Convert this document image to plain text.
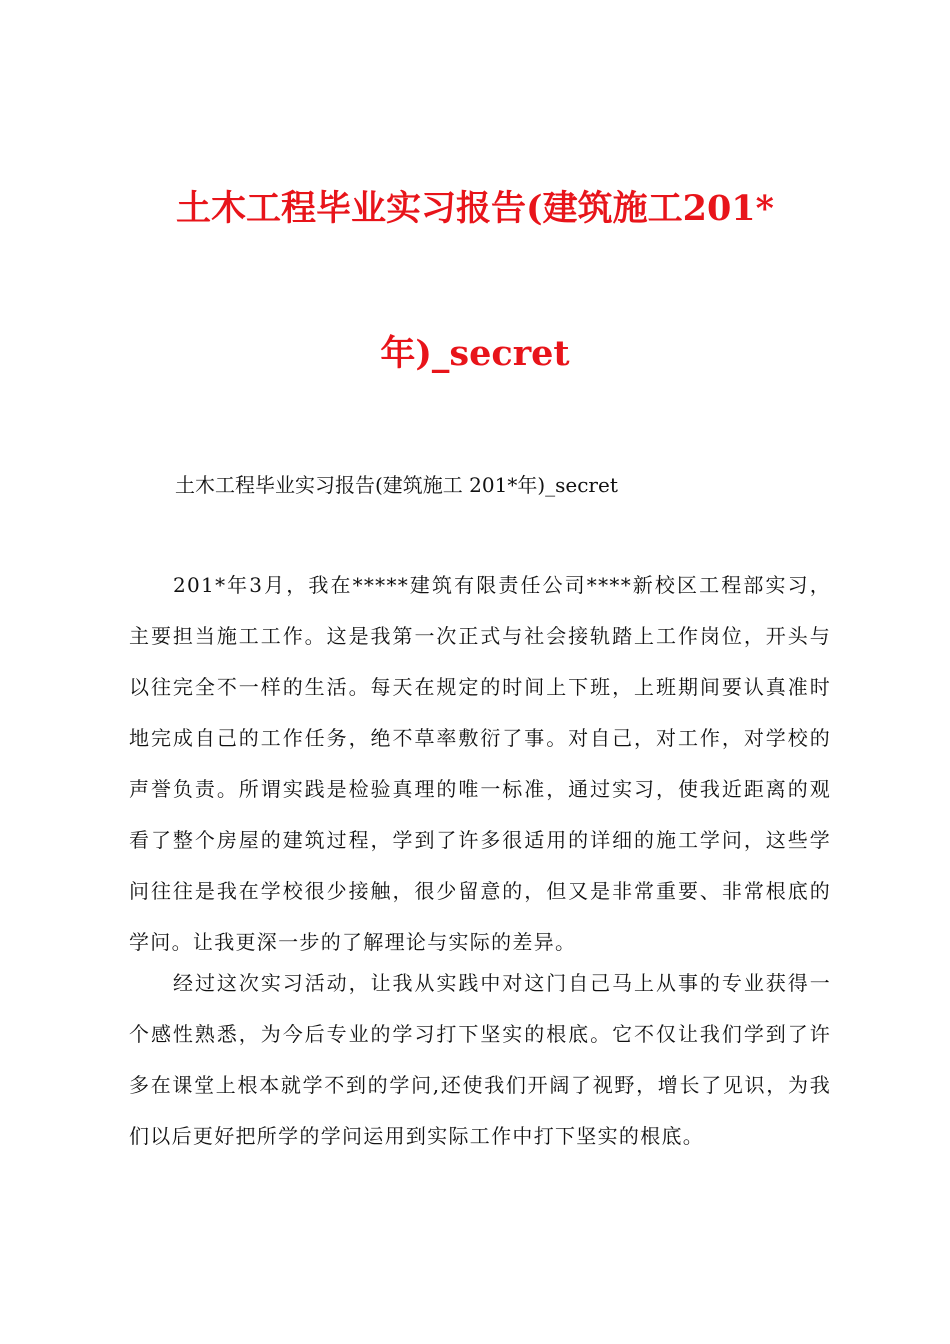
土木工程毕业实习报告(建筑施工201*
年)_secret
土木工程毕业实习报告(建筑施工 201*年)_secret

201*年3月，我在*****建筑有限责任公司****新校区工程部实习，主要担当施工工作。这是我第一次正式与社会接轨踏上工作岗位，开头与以往完全不一样的生活。每天在规定的时间上下班，上班期间要认真准时地完成自己的工作任务，绝不草率敷衍了事。对自己，对工作，对学校的声誉负责。所谓实践是检验真理的唯一标准，通过实习，使我近距离的观看了整个房屋的建筑过程，学到了许多很适用的详细的施工学问，这些学问往往是我在学校很少接触，很少留意的，但又是非常重要、非常根底的学问。让我更深一步的了解理论与实际的差异。

经过这次实习活动，让我从实践中对这门自己马上从事的专业获得一个感性熟悉，为今后专业的学习打下坚实的根底。它不仅让我们学到了许多在课堂上根本就学不到的学问,还使我们开阔了视野，增长了见识，为我们以后更好把所学的学问运用到实际工作中打下坚实的根底。
